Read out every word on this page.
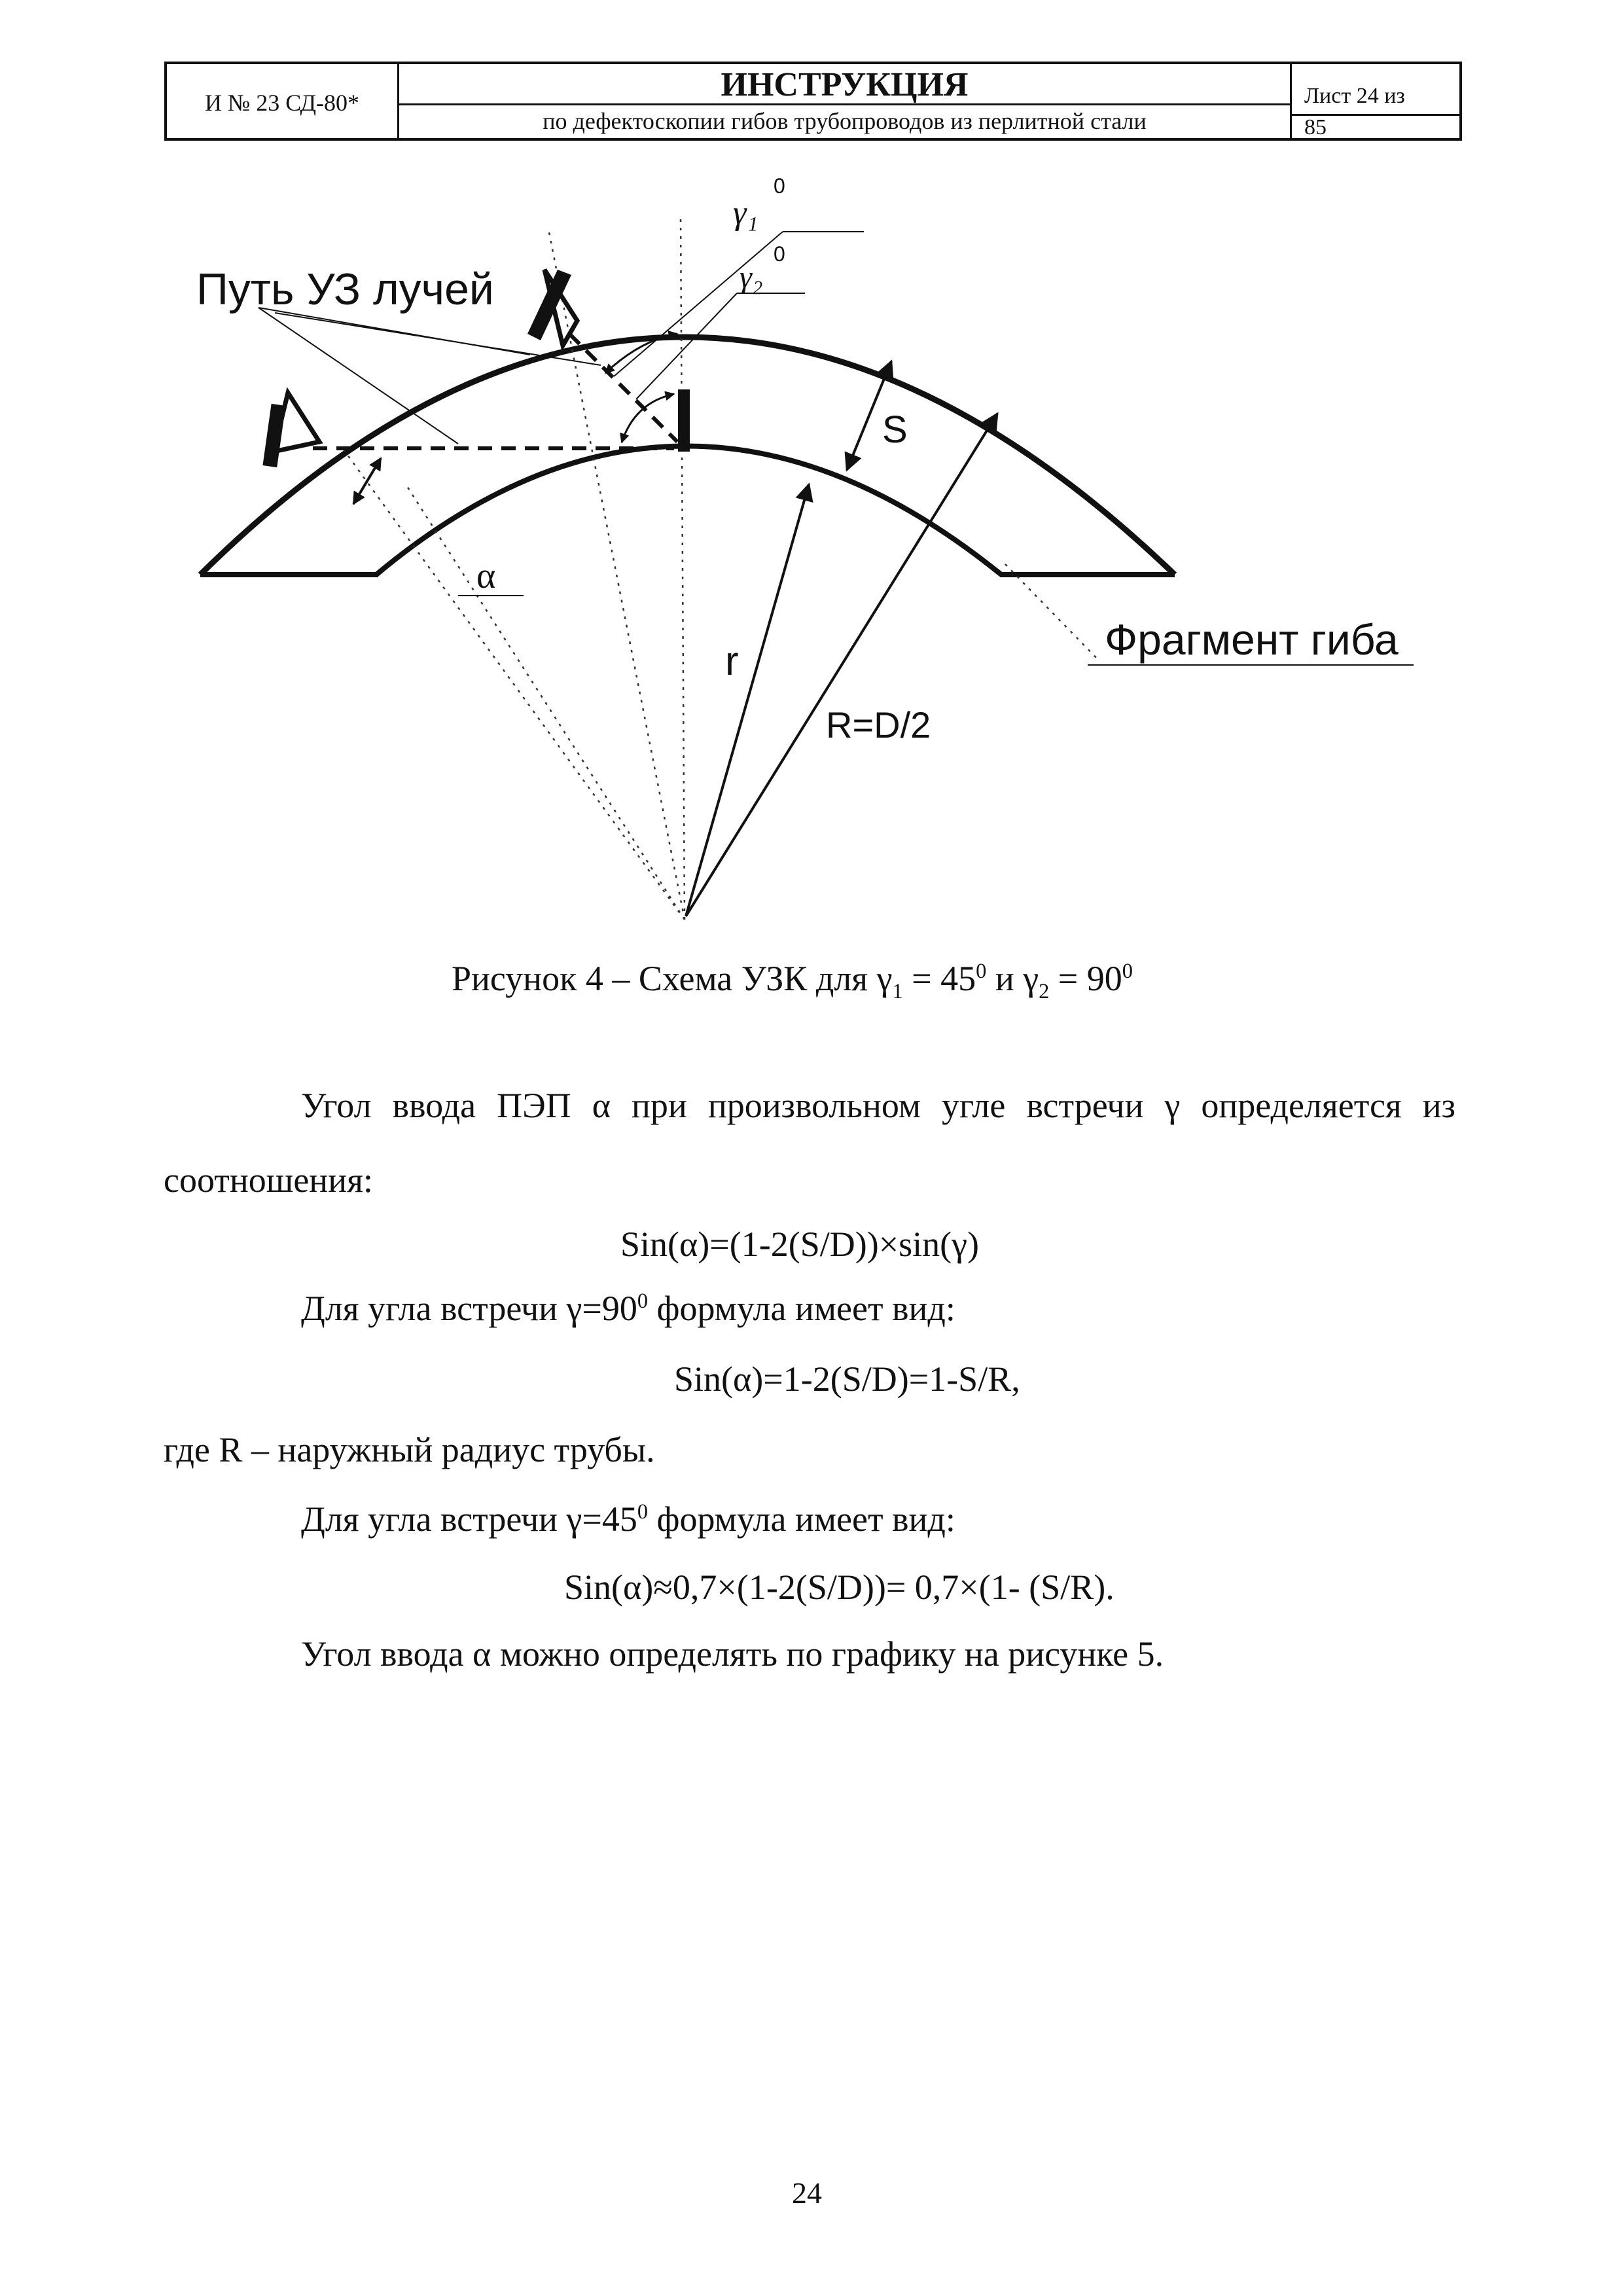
И № 23 СД-80*	ИНСТРУКЦИЯ
по дефектоскопии гибов трубопроводов из перлитной стали
Лист 24 из
85
Путь УЗ лучей
Фрагмент гиба
γ₁
0
γ₂
0
S
α
r
R=D/2
Рисунок 4 – Схема УЗК для $\gamma_1 = 45^0$ и $\gamma_2 = 90^0$
Угол ввода ПЭП α при произвольном угле встречи γ определяется из
соотношения:
Sin(α)=(1-2(S/D))×sin(γ)
Для угла встречи $\gamma=90^0$ формула имеет вид:
Sin(α)=1-2(S/D)=1-S/R,
где R – наружный радиус трубы.
Для угла встречи $\gamma=45^0$ формула имеет вид:
Sin(α)≈0,7×(1-2(S/D))= 0,7×(1- (S/R).
Угол ввода α можно определять по графику на рисунке 5.
24
